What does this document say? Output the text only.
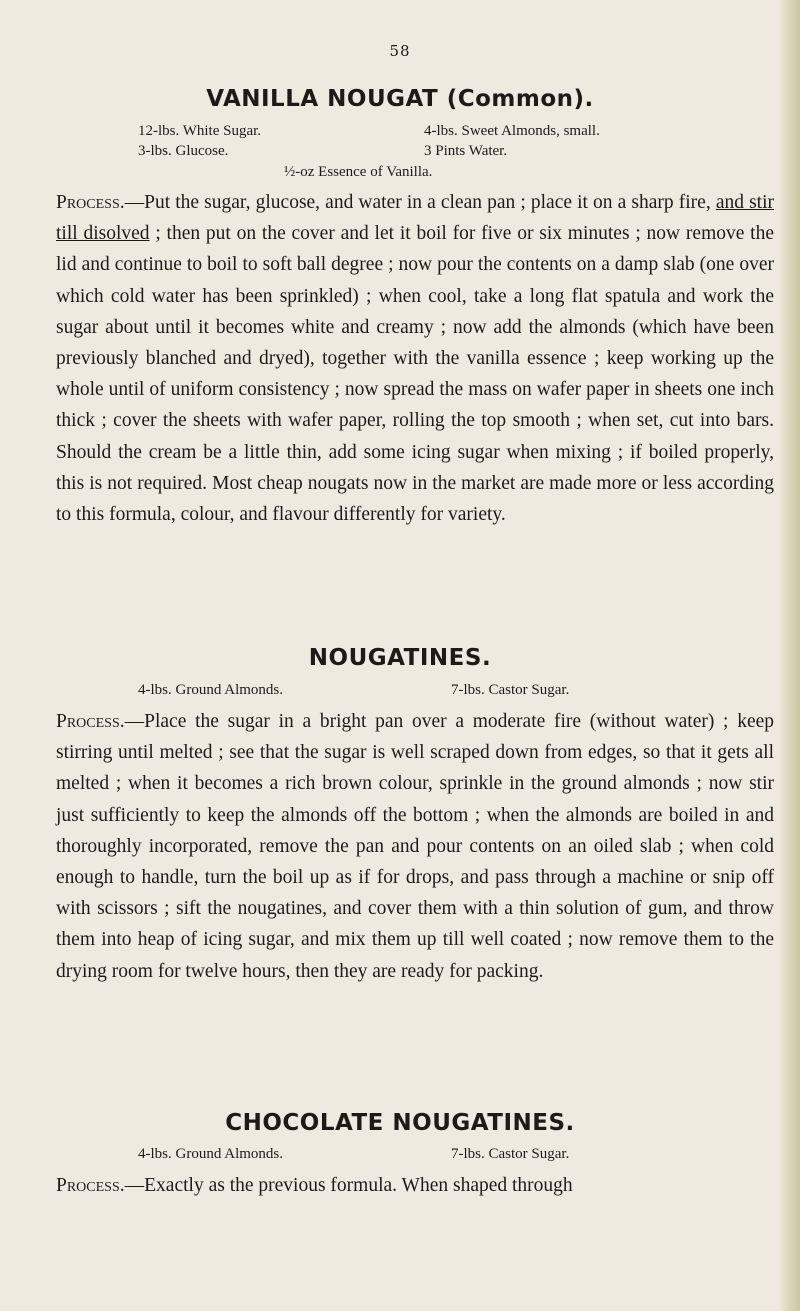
58
VANILLA NOUGAT (Common).
12-lbs. White Sugar.	4-lbs. Sweet Almonds, small.
3-lbs. Glucose.	3 Pints Water.
½-oz Essence of Vanilla.
Process.—Put the sugar, glucose, and water in a clean pan ; place it on a sharp fire, and stir till disolved ; then put on the cover and let it boil for five or six minutes ; now remove the lid and continue to boil to soft ball degree ; now pour the contents on a damp slab (one over which cold water has been sprinkled) ; when cool, take a long flat spatula and work the sugar about until it becomes white and creamy ; now add the almonds (which have been previously blanched and dryed), together with the vanilla essence ; keep working up the whole until of uniform consistency ; now spread the mass on wafer paper in sheets one inch thick ; cover the sheets with wafer paper, rolling the top smooth ; when set, cut into bars. Should the cream be a little thin, add some icing sugar when mixing ; if boiled properly, this is not required. Most cheap nougats now in the market are made more or less according to this formula, colour, and flavour differently for variety.
NOUGATINES.
4-lbs. Ground Almonds.	7-lbs. Castor Sugar.
Process.—Place the sugar in a bright pan over a moderate fire (without water) ; keep stirring until melted ; see that the sugar is well scraped down from edges, so that it gets all melted ; when it becomes a rich brown colour, sprinkle in the ground almonds ; now stir just sufficiently to keep the almonds off the bottom ; when the almonds are boiled in and thoroughly incorporated, remove the pan and pour contents on an oiled slab ; when cold enough to handle, turn the boil up as if for drops, and pass through a machine or snip off with scissors ; sift the nougatines, and cover them with a thin solution of gum, and throw them into heap of icing sugar, and mix them up till well coated ; now remove them to the drying room for twelve hours, then they are ready for packing.
CHOCOLATE NOUGATINES.
4-lbs. Ground Almonds.	7-lbs. Castor Sugar.
Process.—Exactly as the previous formula. When shaped through
